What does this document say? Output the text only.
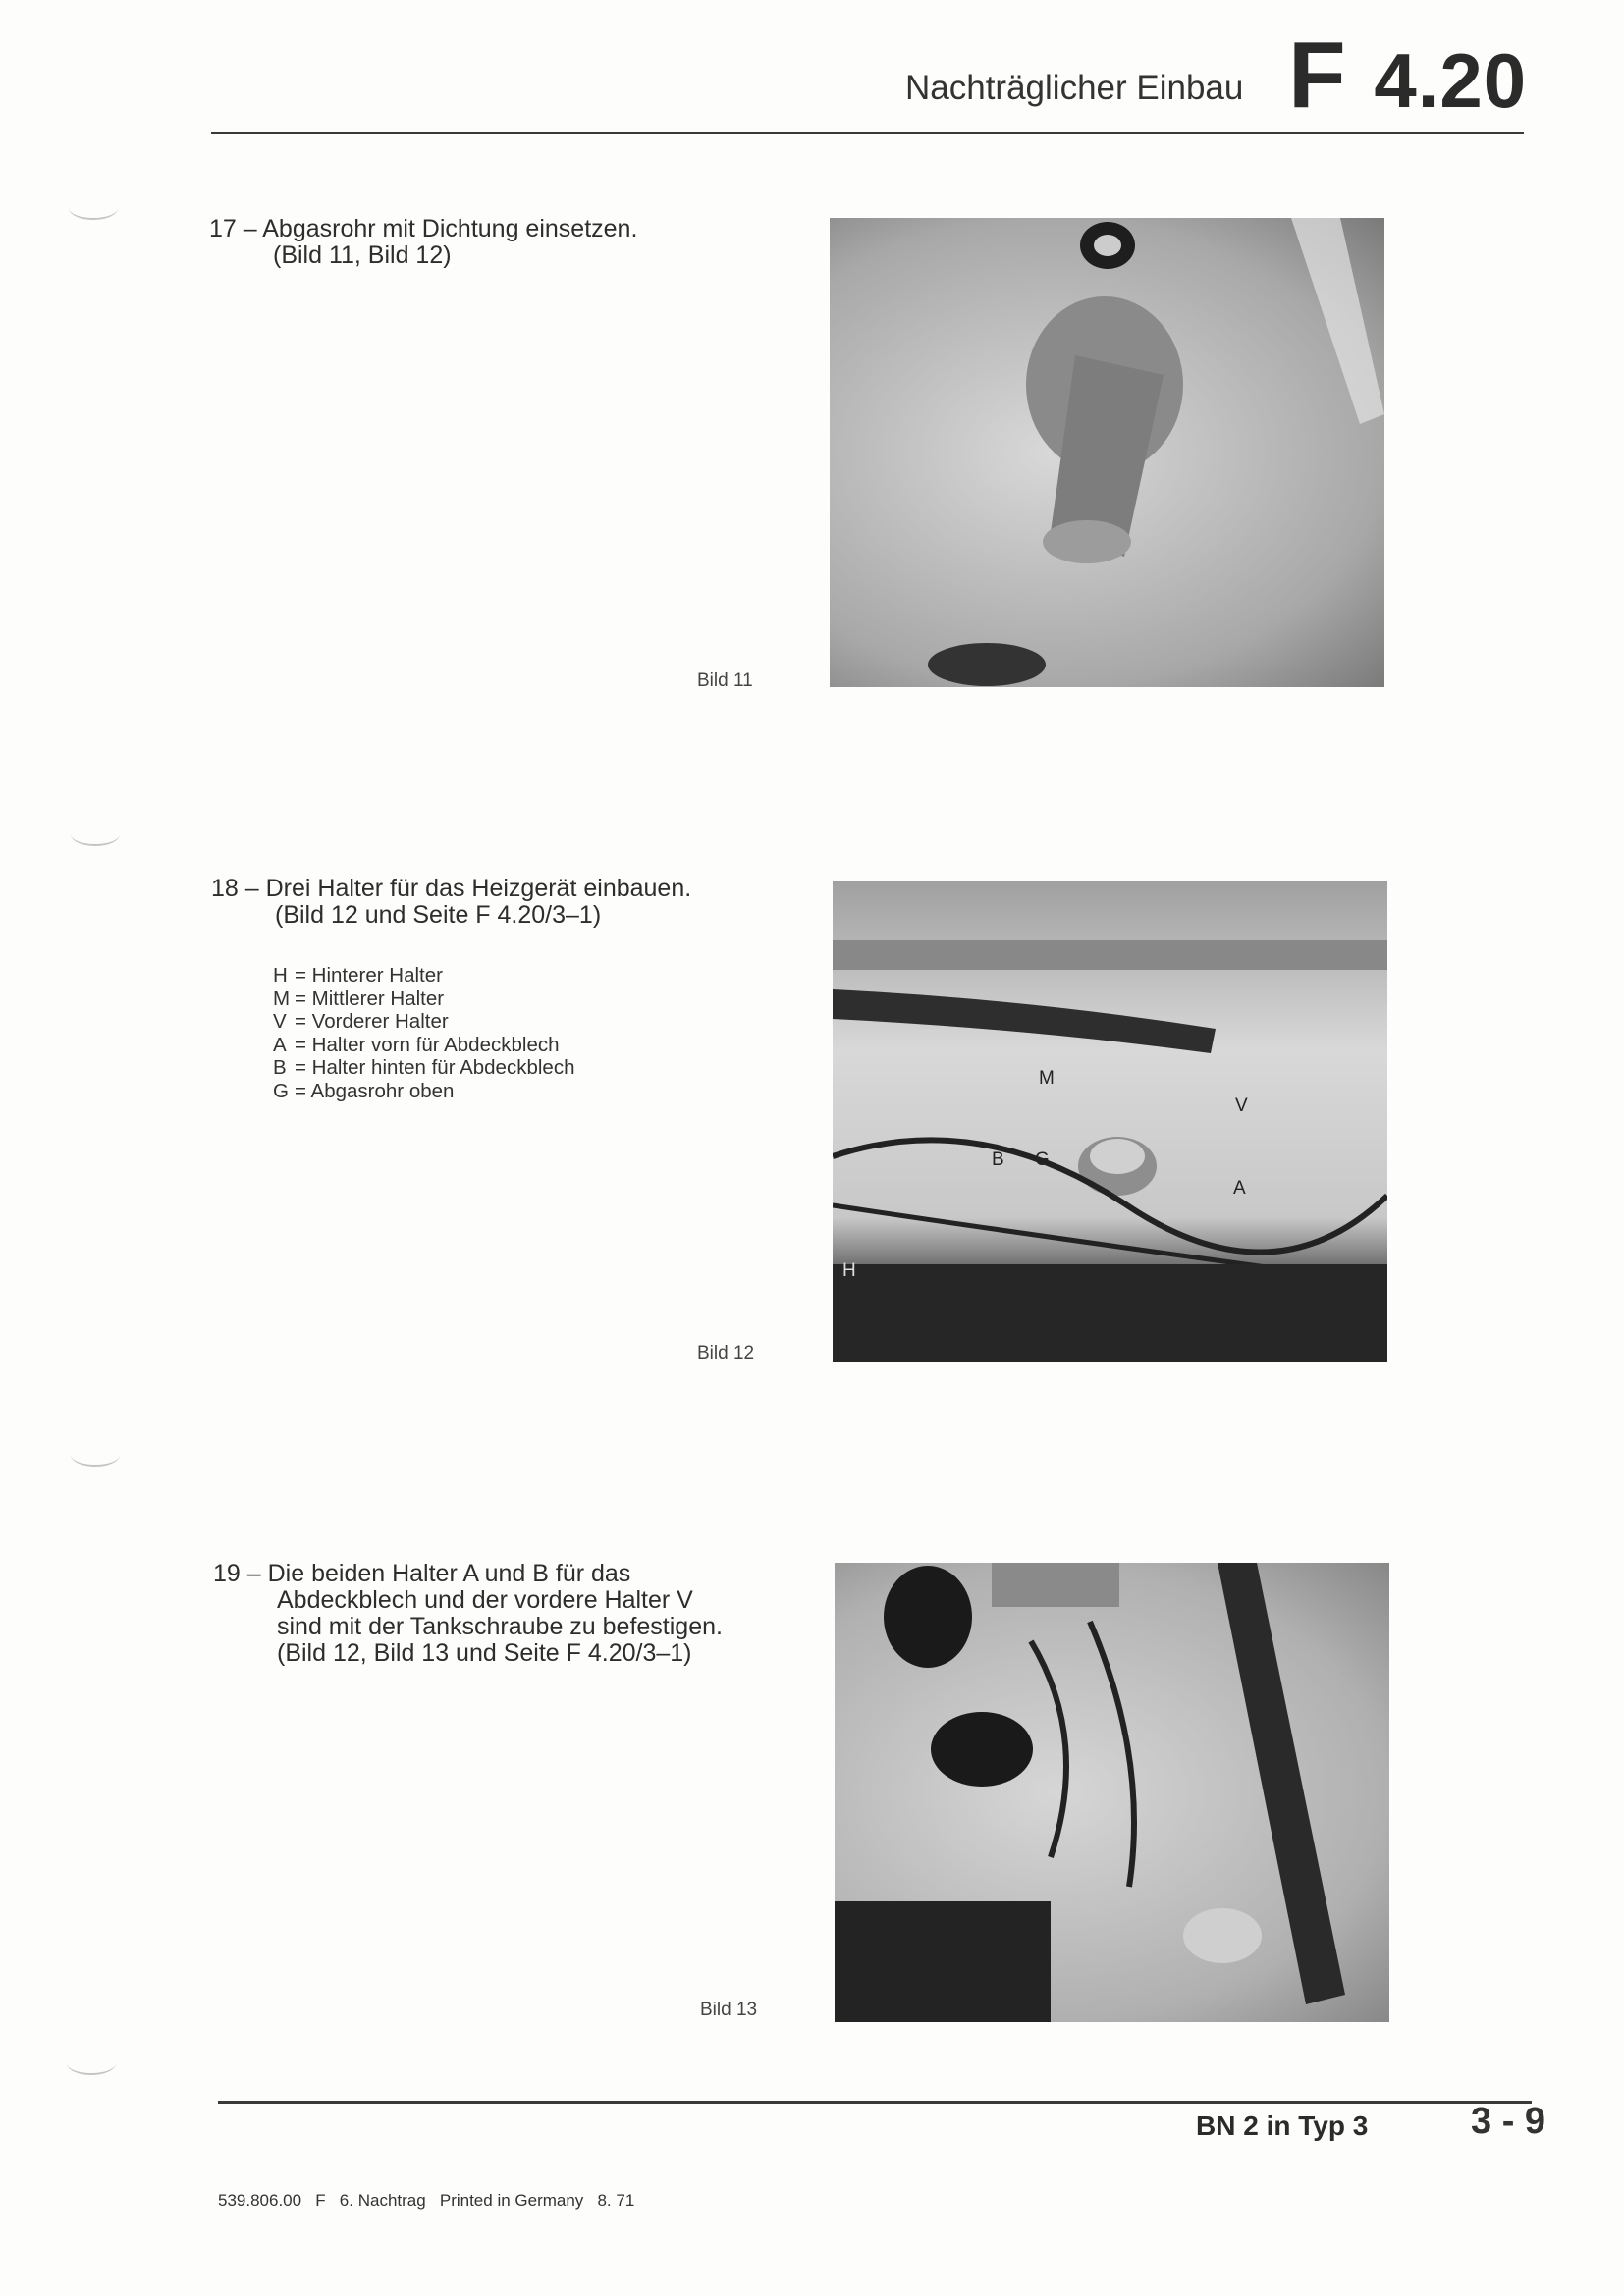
Nachträglicher Einbau F 4.20
17 – Abgasrohr mit Dichtung einsetzen.
(Bild 11, Bild 12)
Bild 11
18 – Drei Halter für das Heizgerät einbauen.
(Bild 12 und Seite F 4.20/3–1)
H = Hinterer Halter
M = Mittlerer Halter
V = Vorderer Halter
A = Halter vorn für Abdeckblech
B = Halter hinten für Abdeckblech
G = Abgasrohr oben
M
V
B G
A
H
Bild 12
19 – Die beiden Halter A und B für das
Abdeckblech und der vordere Halter V
sind mit der Tankschraube zu befestigen.
(Bild 12, Bild 13 und Seite F 4.20/3–1)
Bild 13
BN 2 in Typ 3	3 - 9
539.806.00   F   6. Nachtrag   Printed in Germany   8. 71
